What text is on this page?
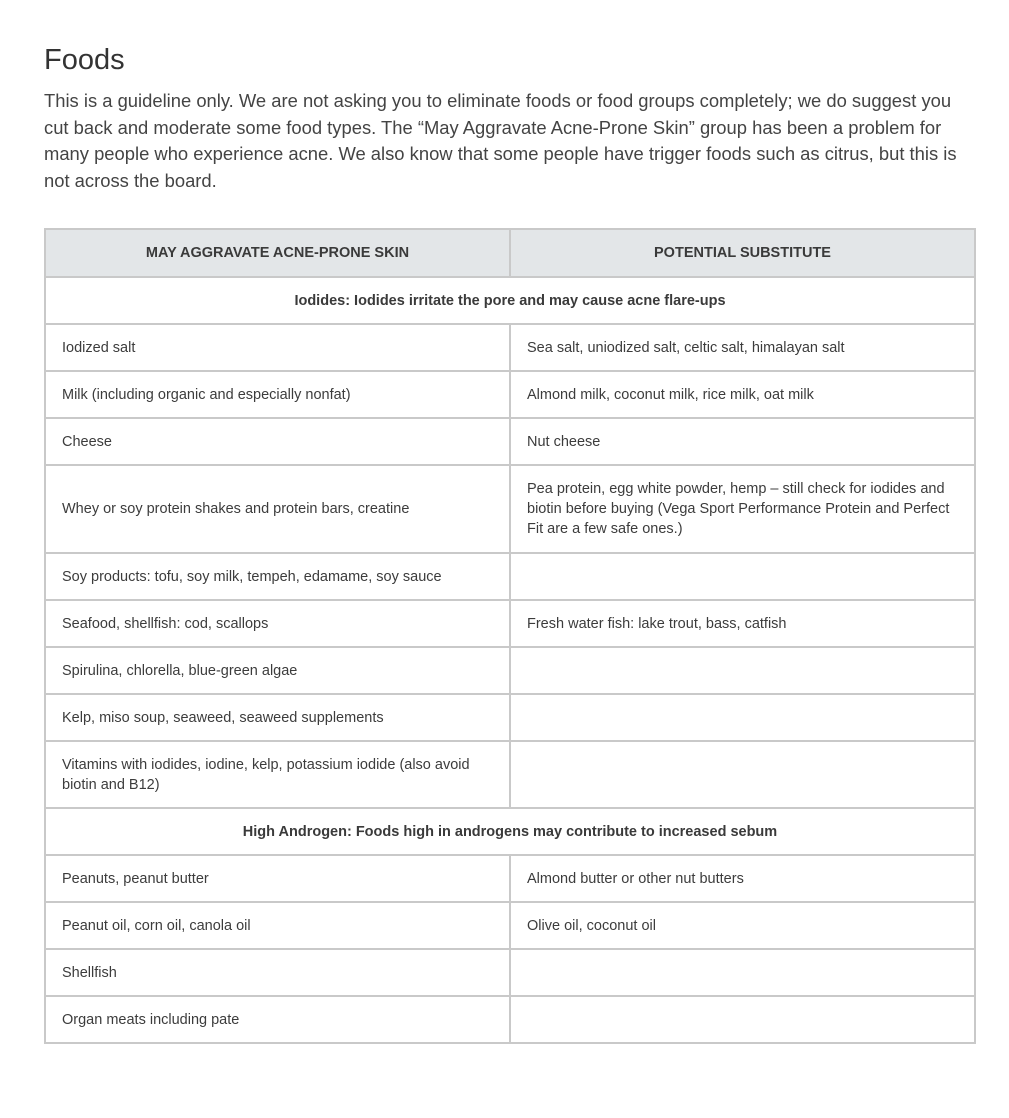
Foods

This is a guideline only. We are not asking you to eliminate foods or food groups completely; we do suggest you cut back and moderate some food types. The “May Aggravate Acne-Prone Skin” group has been a problem for many people who experience acne. We also know that some people have trigger foods such as citrus, but this is not across the board.

MAY AGGRAVATE ACNE-PRONE SKIN	POTENTIAL SUBSTITUTE
Iodides: Iodides irritate the pore and may cause acne flare-ups	
Iodized salt	Sea salt, uniodized salt, celtic salt, himalayan salt
Milk (including organic and especially nonfat)	Almond milk, coconut milk, rice milk, oat milk
Cheese	Nut cheese
Whey or soy protein shakes and protein bars, creatine	Pea protein, egg white powder, hemp – still check for iodides and biotin before buying (Vega Sport Performance Protein and Perfect Fit are a few safe ones.)
Soy products: tofu, soy milk, tempeh, edamame, soy sauce	
Seafood, shellfish: cod, scallops	Fresh water fish: lake trout, bass, catfish
Spirulina, chlorella, blue-green algae	
Kelp, miso soup, seaweed, seaweed supplements	
Vitamins with iodides, iodine, kelp, potassium iodide (also avoid biotin and B12)	
High Androgen: Foods high in androgens may contribute to increased sebum	
Peanuts, peanut butter	Almond butter or other nut butters
Peanut oil, corn oil, canola oil	Olive oil, coconut oil
Shellfish	
Organ meats including pate	
